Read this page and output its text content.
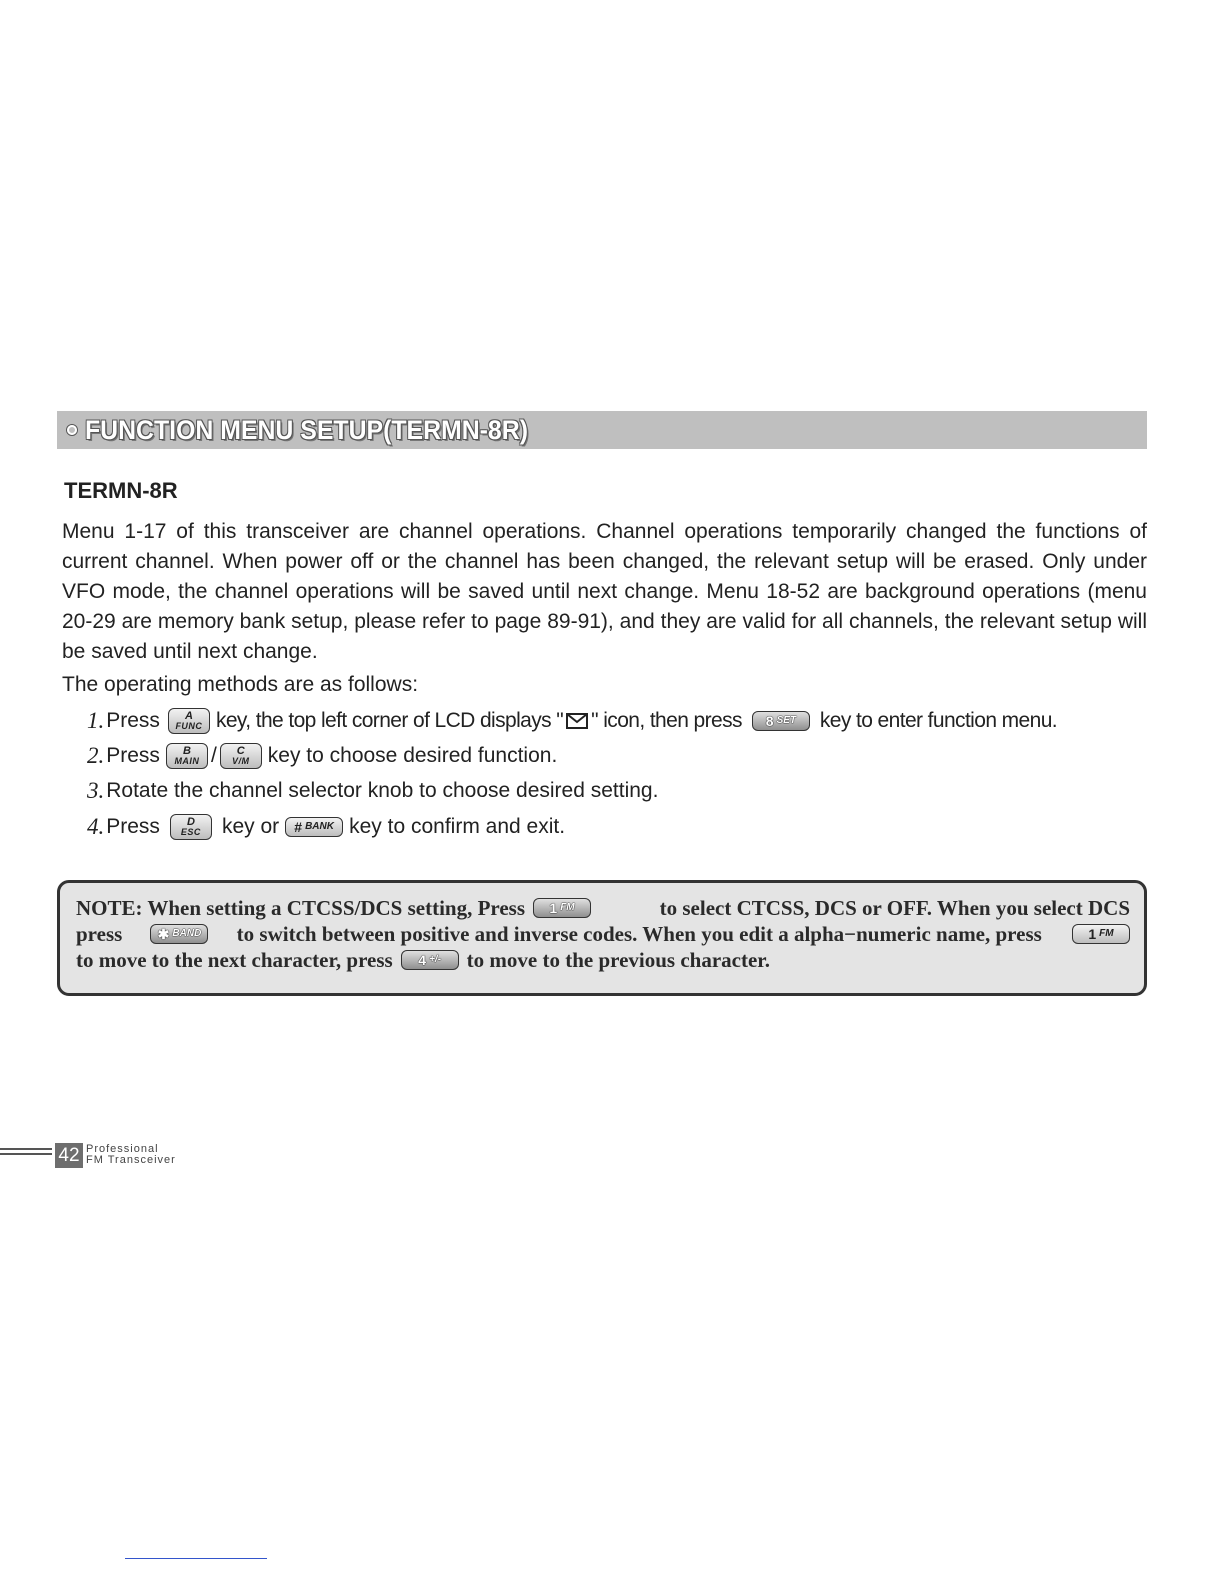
FUNCTION MENU SETUP(TERMN-8R)
TERMN-8R
Menu 1-17 of this transceiver are channel operations. Channel operations temporarily changed the functions of current channel. When power off or the channel has been changed, the relevant setup will be erased. Only under VFO mode, the channel operations will be saved until next change. Menu 18-52 are background operations (menu 20-29 are memory bank setup, please refer to page 89-91), and they are valid for all channels, the relevant setup will be saved until next change.
The operating methods are as follows:
1. Press A
FUNC key, the top left corner of LCD displays " " icon, then press 8 SET key to enter function menu.
2. Press B
MAIN / C
V/M key to choose desired function.
3. Rotate the channel selector knob to choose desired setting.
4. Press D
ESC key or # BANK key to confirm and exit.
NOTE: When setting a CTCSS/DCS setting, Press 1 FM	to select CTCSS, DCS or OFF. When you select DCS
press	✱ BAND to switch between positive and inverse codes. When you edit a alpha−numeric name, press	1 FM
to move to the next character, press 4 +/- to move to the previous character.
42 Professional
FM Transceiver
